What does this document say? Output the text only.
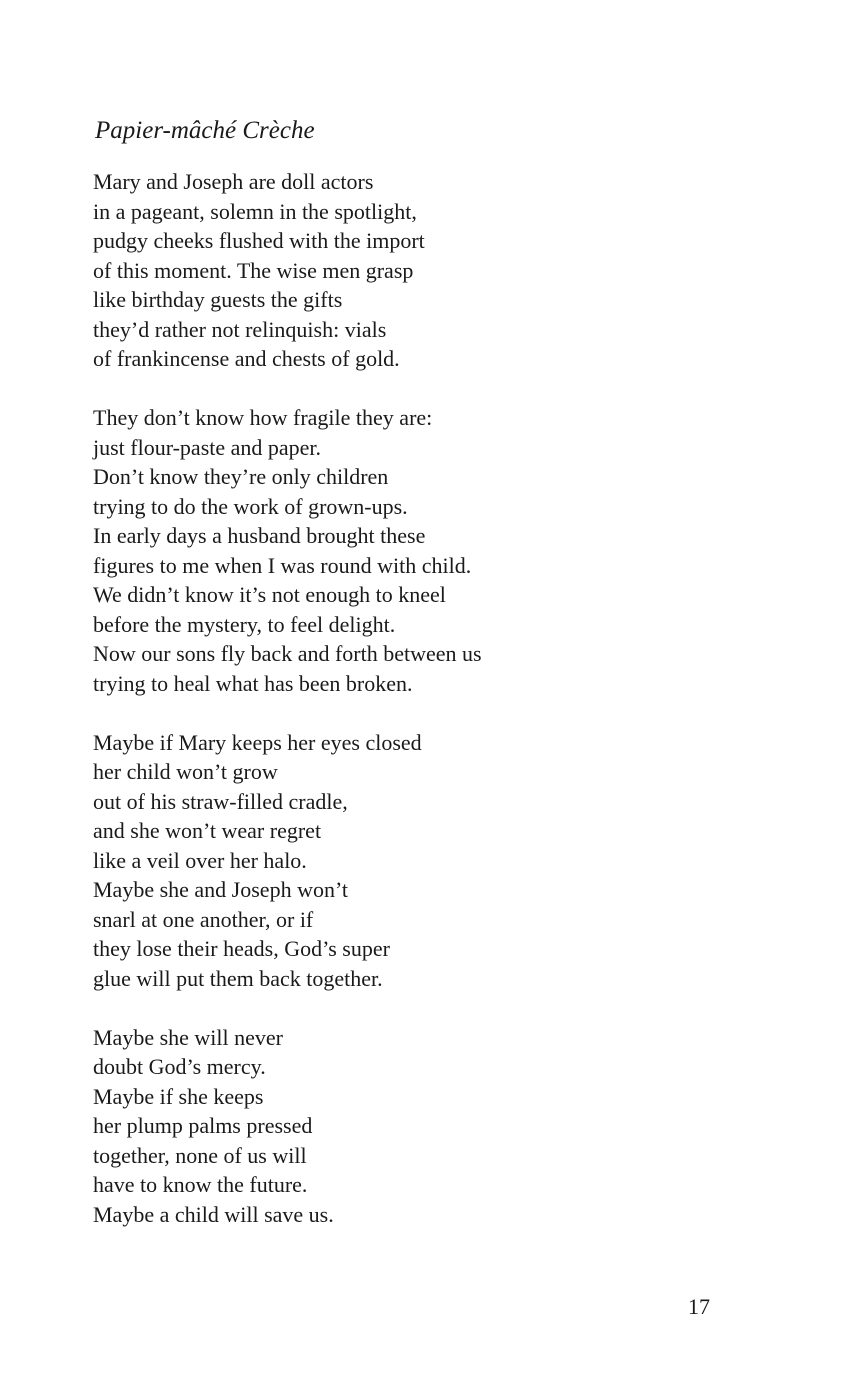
Papier-mâché Crèche
Mary and Joseph are doll actors
in a pageant, solemn in the spotlight,
pudgy cheeks flushed with the import
of this moment. The wise men grasp
like birthday guests the gifts
they’d rather not relinquish: vials
of frankincense and chests of gold.
They don’t know how fragile they are:
just flour-paste and paper.
Don’t know they’re only children
trying to do the work of grown-ups.
In early days a husband brought these
figures to me when I was round with child.
We didn’t know it’s not enough to kneel
before the mystery, to feel delight.
Now our sons fly back and forth between us
trying to heal what has been broken.
Maybe if Mary keeps her eyes closed
her child won’t grow
out of his straw-filled cradle,
and she won’t wear regret
like a veil over her halo.
Maybe she and Joseph won’t
snarl at one another, or if
they lose their heads, God’s super
glue will put them back together.
Maybe she will never
doubt God’s mercy.
Maybe if she keeps
her plump palms pressed
together, none of us will
have to know the future.
Maybe a child will save us.
17
